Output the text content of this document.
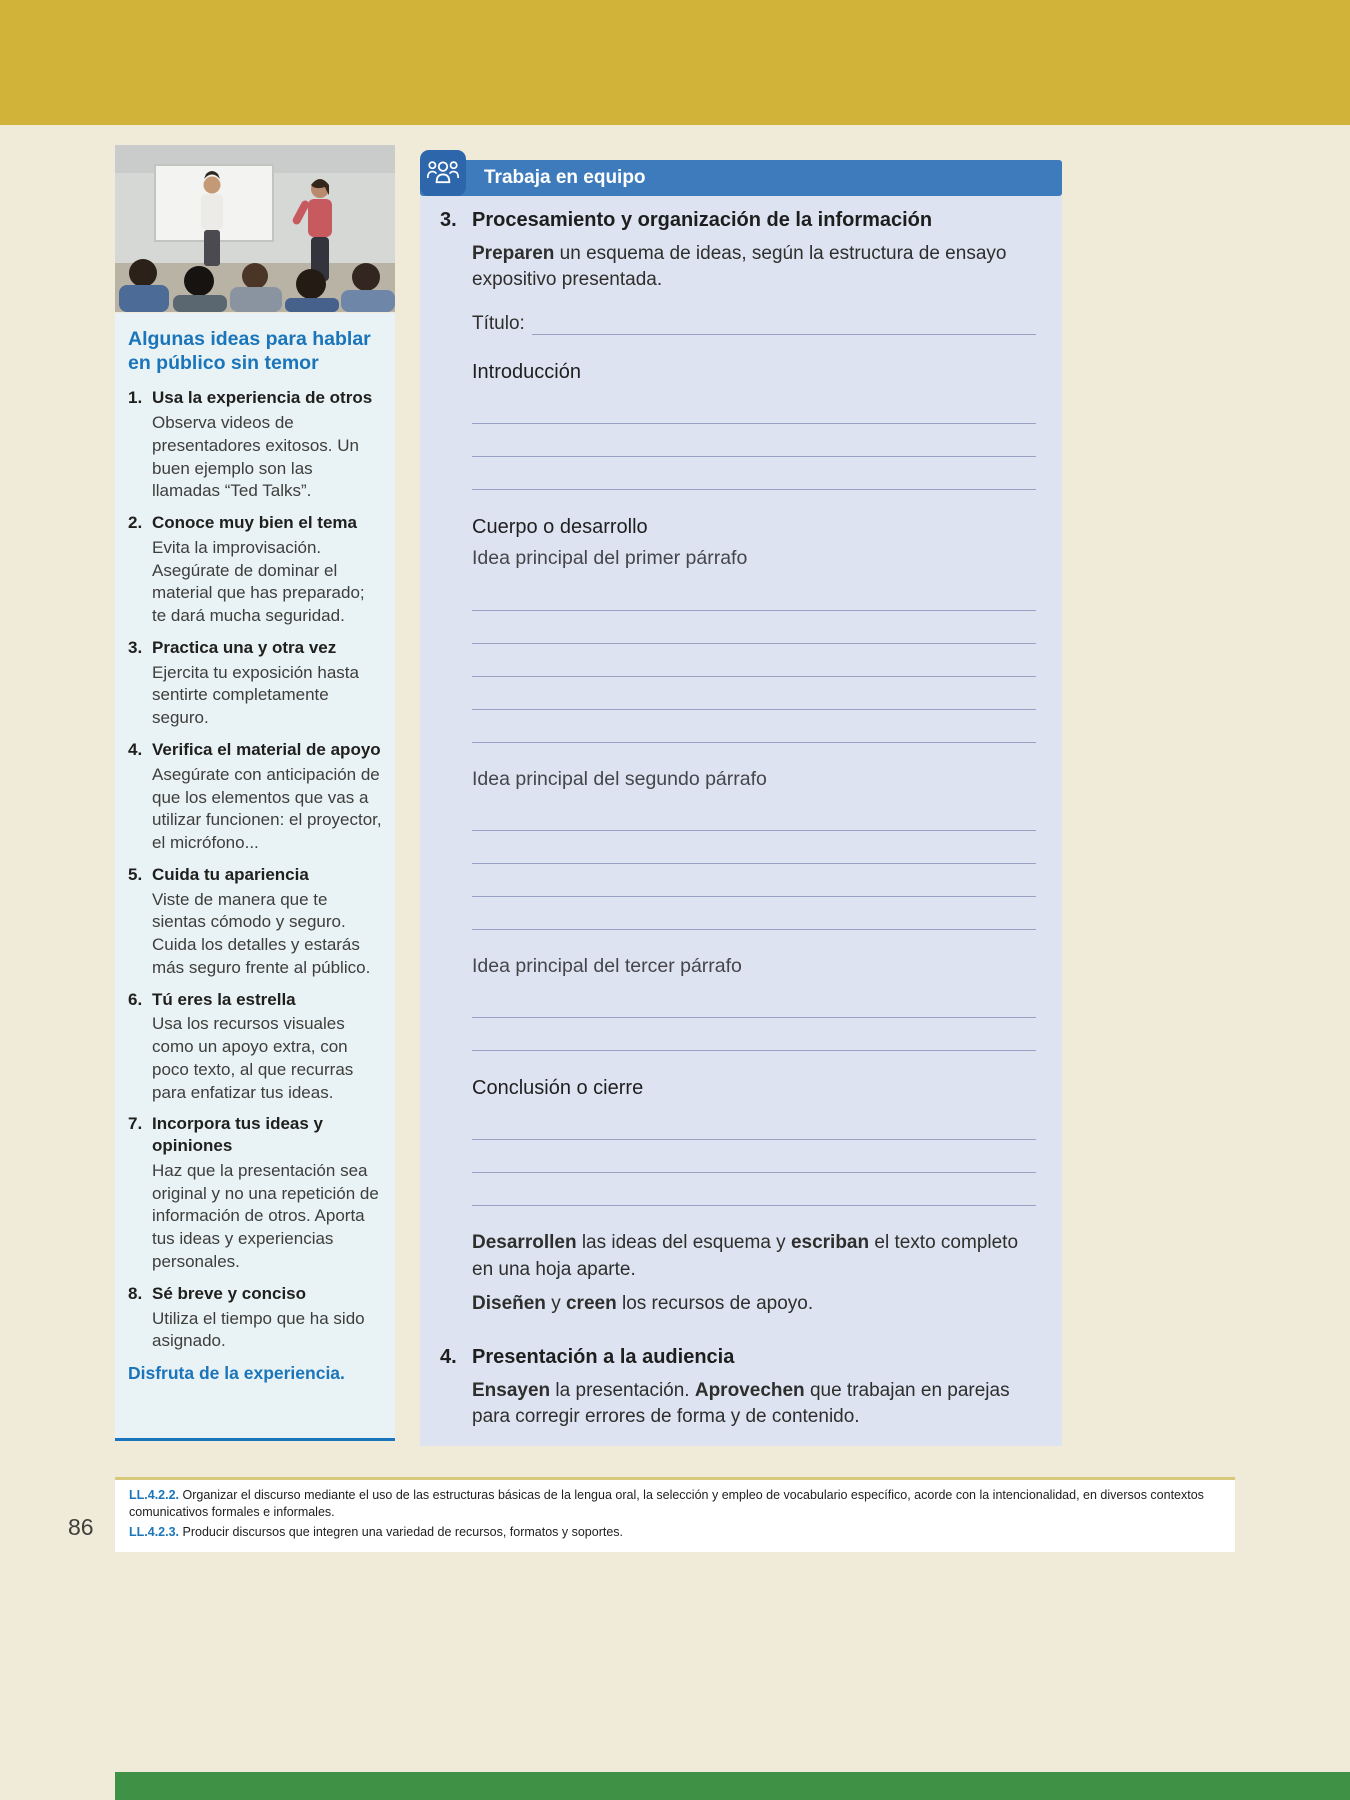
Algunas ideas para hablar en público sin temor
1. Usa la experiencia de otros

Observa videos de presentadores exitosos. Un buen ejemplo son las llamadas “Ted Talks”.

2. Conoce muy bien el tema

Evita la improvisación. Asegúrate de dominar el material que has preparado; te dará mucha seguridad.

3. Practica una y otra vez

Ejercita tu exposición hasta sentirte completamente seguro.

4. Verifica el material de apoyo

Asegúrate con anticipación de que los elementos que vas a utilizar funcionen: el proyector, el micrófono...

5. Cuida tu apariencia

Viste de manera que te sientas cómodo y seguro. Cuida los detalles y estarás más seguro frente al público.

6. Tú eres la estrella

Usa los recursos visuales como un apoyo extra, con poco texto, al que recurras para enfatizar tus ideas.

7. Incorpora tus ideas y opiniones

Haz que la presentación sea original y no una repetición de información de otros. Aporta tus ideas y experiencias personales.

8. Sé breve y conciso

Utiliza el tiempo que ha sido asignado.

Disfruta de la experiencia.

Trabaja en equipo
3. Procesamiento y organización de la información

Preparen un esquema de ideas, según la estructura de ensayo expositivo presentada.

Título:

Introducción

Cuerpo o desarrollo

Idea principal del primer párrafo

Idea principal del segundo párrafo

Idea principal del tercer párrafo

Conclusión o cierre

Desarrollen las ideas del esquema y escriban el texto completo en una hoja aparte.

Diseñen y creen los recursos de apoyo.

4. Presentación a la audiencia

Ensayen la presentación. Aprovechen que trabajan en parejas para corregir errores de forma y de contenido.

LL.4.2.2. Organizar el discurso mediante el uso de las estructuras básicas de la lengua oral, la selección y empleo de vocabulario específico, acorde con la intencionalidad, en diversos contextos comunicativos formales e informales.

LL.4.2.3. Producir discursos que integren una variedad de recursos, formatos y soportes.

86
